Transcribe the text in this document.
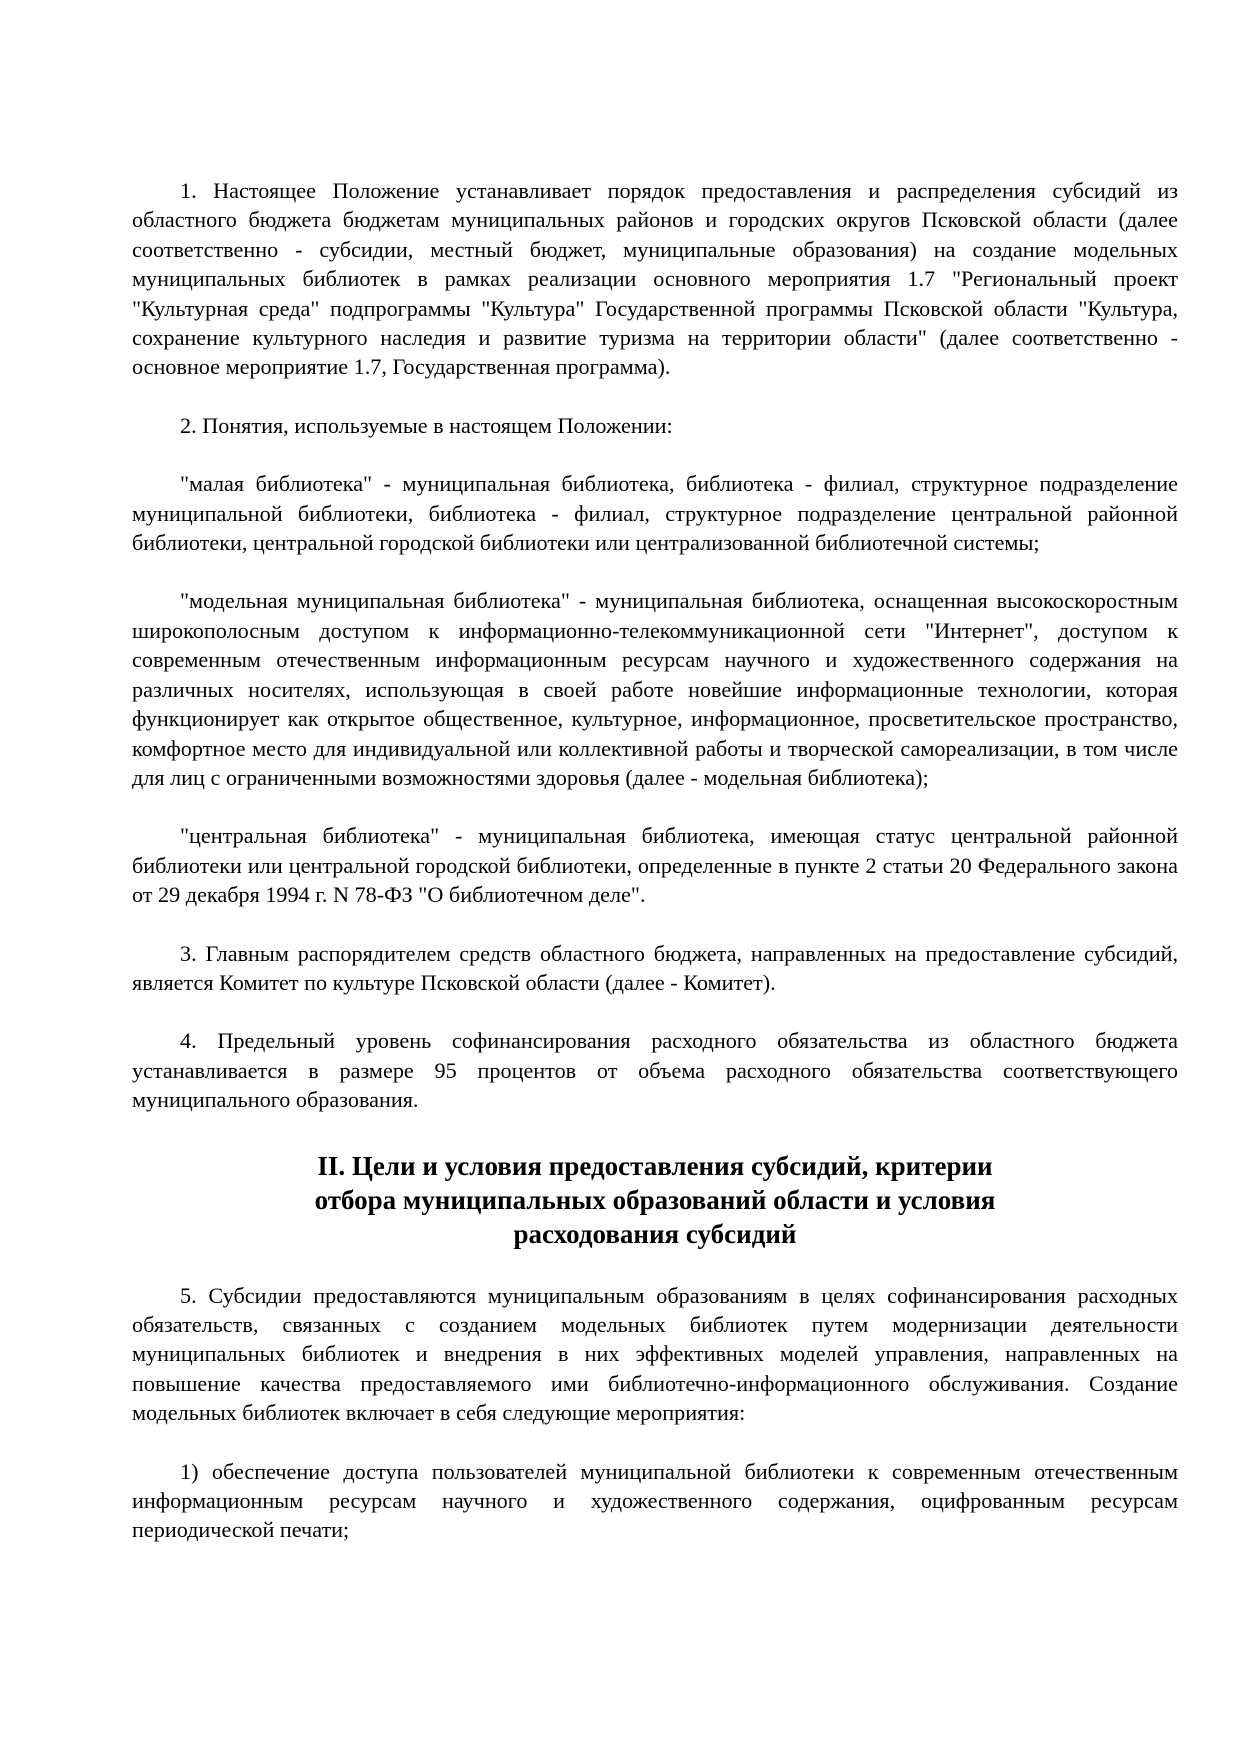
1. Настоящее Положение устанавливает порядок предоставления и распределения субсидий из областного бюджета бюджетам муниципальных районов и городских округов Псковской области (далее соответственно - субсидии, местный бюджет, муниципальные образования) на создание модельных муниципальных библиотек в рамках реализации основного мероприятия 1.7 "Региональный проект "Культурная среда" подпрограммы "Культура" Государственной программы Псковской области "Культура, сохранение культурного наследия и развитие туризма на территории области" (далее соответственно - основное мероприятие 1.7, Государственная программа).

2. Понятия, используемые в настоящем Положении:

"малая библиотека" - муниципальная библиотека, библиотека - филиал, структурное подразделение муниципальной библиотеки, библиотека - филиал, структурное подразделение центральной районной библиотеки, центральной городской библиотеки или централизованной библиотечной системы;

"модельная муниципальная библиотека" - муниципальная библиотека, оснащенная высокоскоростным широкополосным доступом к информационно-телекоммуникационной сети "Интернет", доступом к современным отечественным информационным ресурсам научного и художественного содержания на различных носителях, использующая в своей работе новейшие информационные технологии, которая функционирует как открытое общественное, культурное, информационное, просветительское пространство, комфортное место для индивидуальной или коллективной работы и творческой самореализации, в том числе для лиц с ограниченными возможностями здоровья (далее - модельная библиотека);

"центральная библиотека" - муниципальная библиотека, имеющая статус центральной районной библиотеки или центральной городской библиотеки, определенные в пункте 2 статьи 20 Федерального закона от 29 декабря 1994 г. N 78-ФЗ "О библиотечном деле".

3. Главным распорядителем средств областного бюджета, направленных на предоставление субсидий, является Комитет по культуре Псковской области (далее - Комитет).

4. Предельный уровень софинансирования расходного обязательства из областного бюджета устанавливается в размере 95 процентов от объема расходного обязательства соответствующего муниципального образования.

II. Цели и условия предоставления субсидий, критерии
отбора муниципальных образований области и условия
расходования субсидий

5. Субсидии предоставляются муниципальным образованиям в целях софинансирования расходных обязательств, связанных с созданием модельных библиотек путем модернизации деятельности муниципальных библиотек и внедрения в них эффективных моделей управления, направленных на повышение качества предоставляемого ими библиотечно-информационного обслуживания. Создание модельных библиотек включает в себя следующие мероприятия:

1) обеспечение доступа пользователей муниципальной библиотеки к современным отечественным информационным ресурсам научного и художественного содержания, оцифрованным ресурсам периодической печати;
